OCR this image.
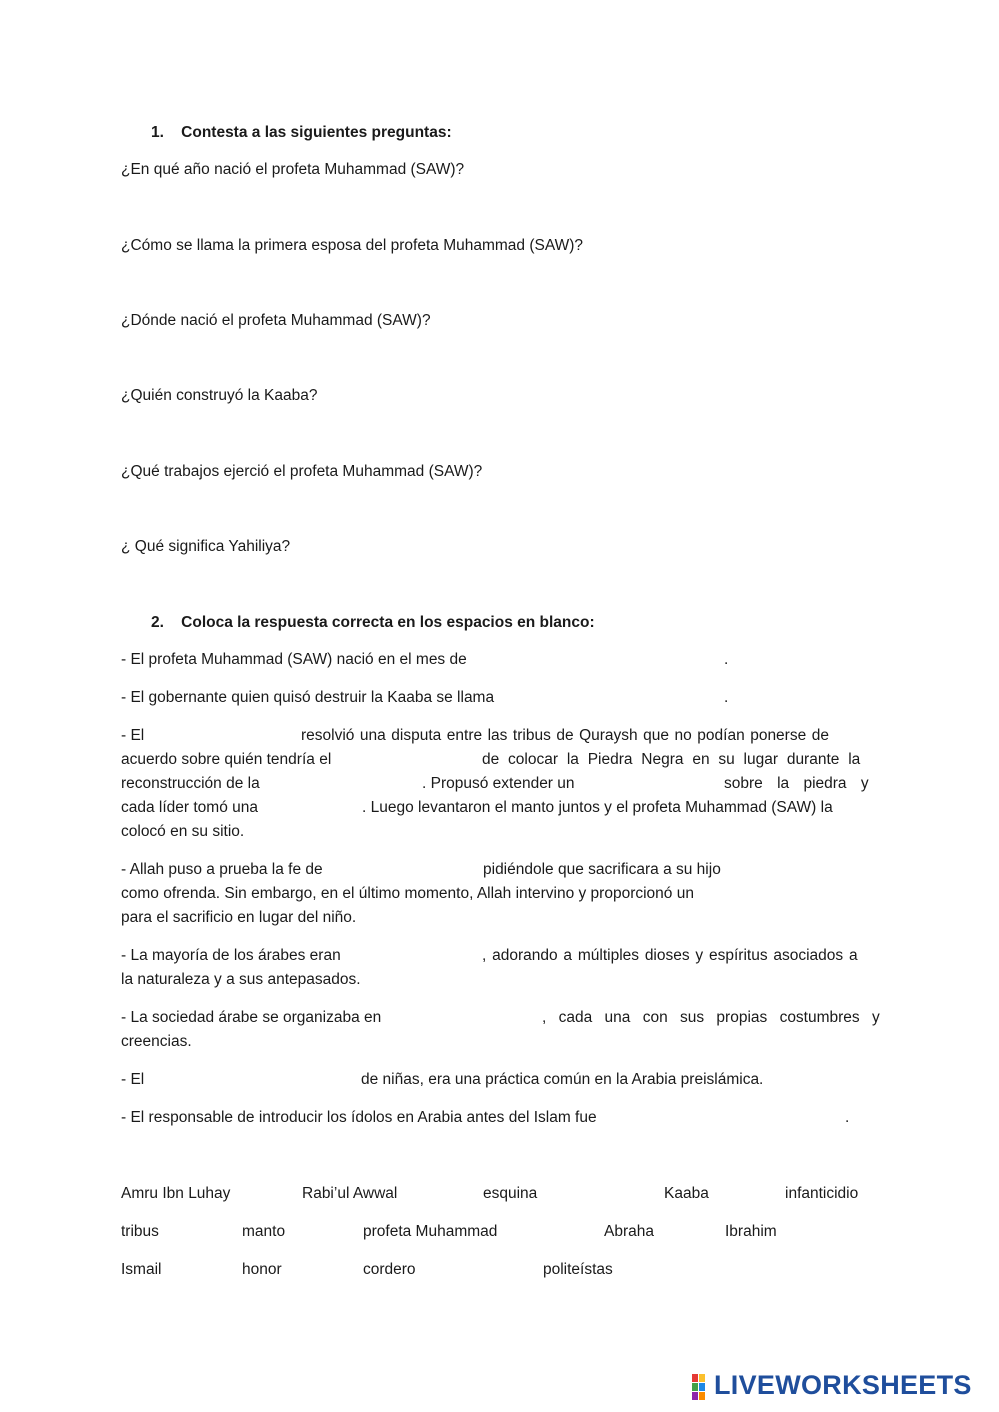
1.    Contesta a las siguientes preguntas:
¿En qué año nació el profeta Muhammad (SAW)?
¿Cómo se llama la primera esposa del profeta Muhammad (SAW)?
¿Dónde nació el profeta Muhammad (SAW)?
¿Quién construyó la Kaaba?
¿Qué trabajos ejerció el profeta Muhammad (SAW)?
¿ Qué significa Yahiliya?
2.    Coloca la respuesta correcta en los espacios en blanco:
- El profeta Muhammad (SAW) nació en el mes de	.
- El gobernante quien quisó destruir la Kaaba se llama	.
- El	resolvió una disputa entre las tribus de Quraysh que no podían ponerse de
acuerdo sobre quién tendría el	de colocar la Piedra Negra en su lugar durante la
reconstrucción de la	. Propusó extender un	sobre la piedra y
cada líder tomó una	. Luego levantaron el manto juntos y el profeta Muhammad (SAW) la
colocó en su sitio.
- Allah puso a prueba la fe de	pidiéndole que sacrificara a su hijo
como ofrenda. Sin embargo, en el último momento, Allah intervino y proporcionó un
para el sacrificio en lugar del niño.
- La mayoría de los árabes eran	, adorando a múltiples dioses y espíritus asociados a
la naturaleza y a sus antepasados.
- La sociedad árabe se organizaba en	, cada una con sus propias costumbres y
creencias.
- El	de niñas, era una práctica común en la Arabia preislámica.
- El responsable de introducir los ídolos en Arabia antes del Islam fue	.
Amru Ibn Luhay	Rabi’ul Awwal	esquina	Kaaba	infanticidio
tribus	manto	profeta Muhammad	Abraha	Ibrahim
Ismail	honor	cordero	politeístas
LIVEWORKSHEETS
